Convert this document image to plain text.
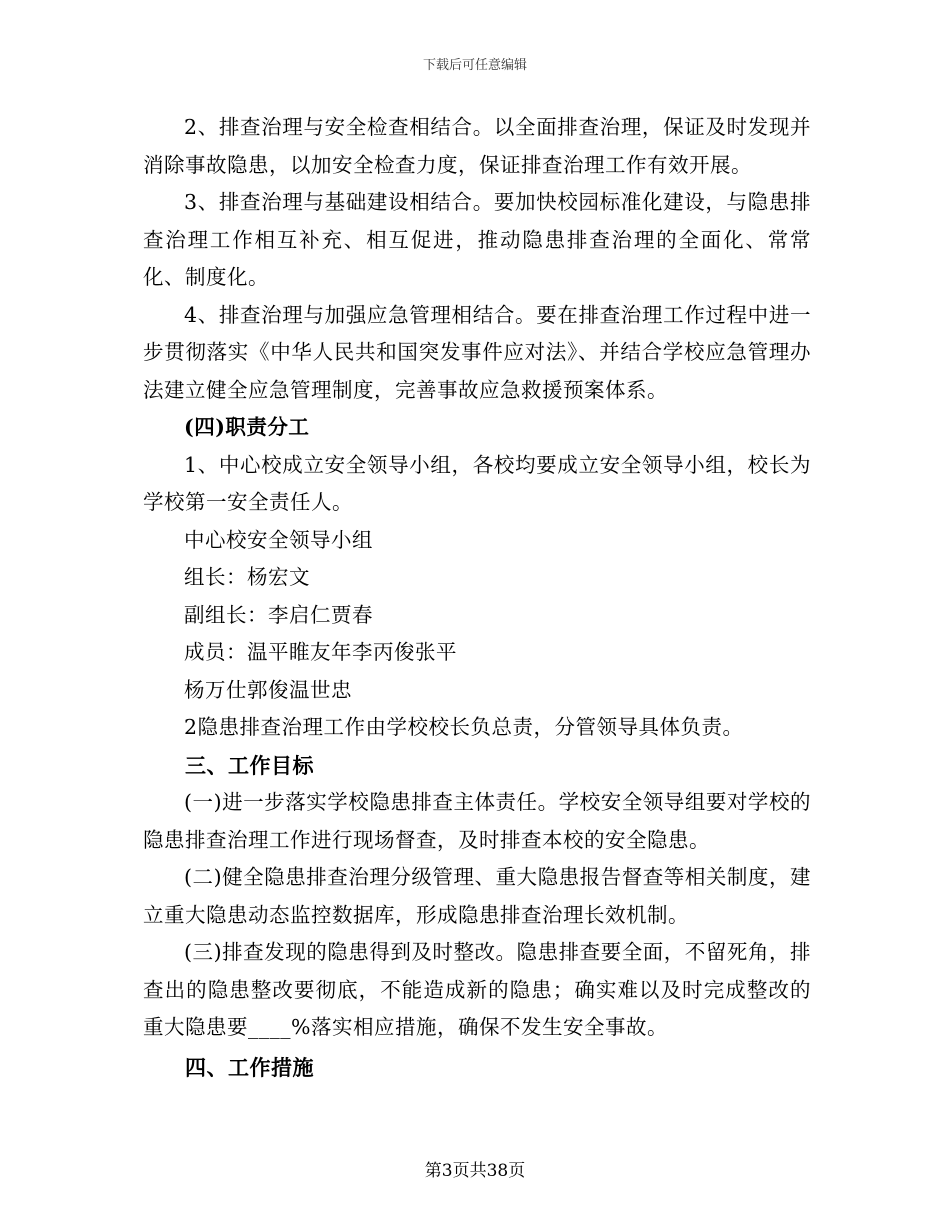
下载后可任意编辑

2、排查治理与安全检查相结合。以全面排查治理，保证及时发现并消除事故隐患，以加安全检查力度，保证排查治理工作有效开展。

3、排查治理与基础建设相结合。要加快校园标准化建设，与隐患排查治理工作相互补充、相互促进，推动隐患排查治理的全面化、常常化、制度化。

4、排查治理与加强应急管理相结合。要在排查治理工作过程中进一步贯彻落实《中华人民共和国突发事件应对法》、并结合学校应急管理办法建立健全应急管理制度，完善事故应急救援预案体系。

(四)职责分工

1、中心校成立安全领导小组，各校均要成立安全领导小组，校长为学校第一安全责任人。

中心校安全领导小组

组长：杨宏文

副组长：李启仁贾春

成员：温平睢友年李丙俊张平

杨万仕郭俊温世忠

2隐患排查治理工作由学校校长负总责，分管领导具体负责。

三、工作目标

(一)进一步落实学校隐患排查主体责任。学校安全领导组要对学校的隐患排查治理工作进行现场督查，及时排查本校的安全隐患。

(二)健全隐患排查治理分级管理、重大隐患报告督查等相关制度，建立重大隐患动态监控数据库，形成隐患排查治理长效机制。

(三)排查发现的隐患得到及时整改。隐患排查要全面，不留死角，排查出的隐患整改要彻底，不能造成新的隐患；确实难以及时完成整改的重大隐患要____%落实相应措施，确保不发生安全事故。

四、工作措施

第3页共38页
